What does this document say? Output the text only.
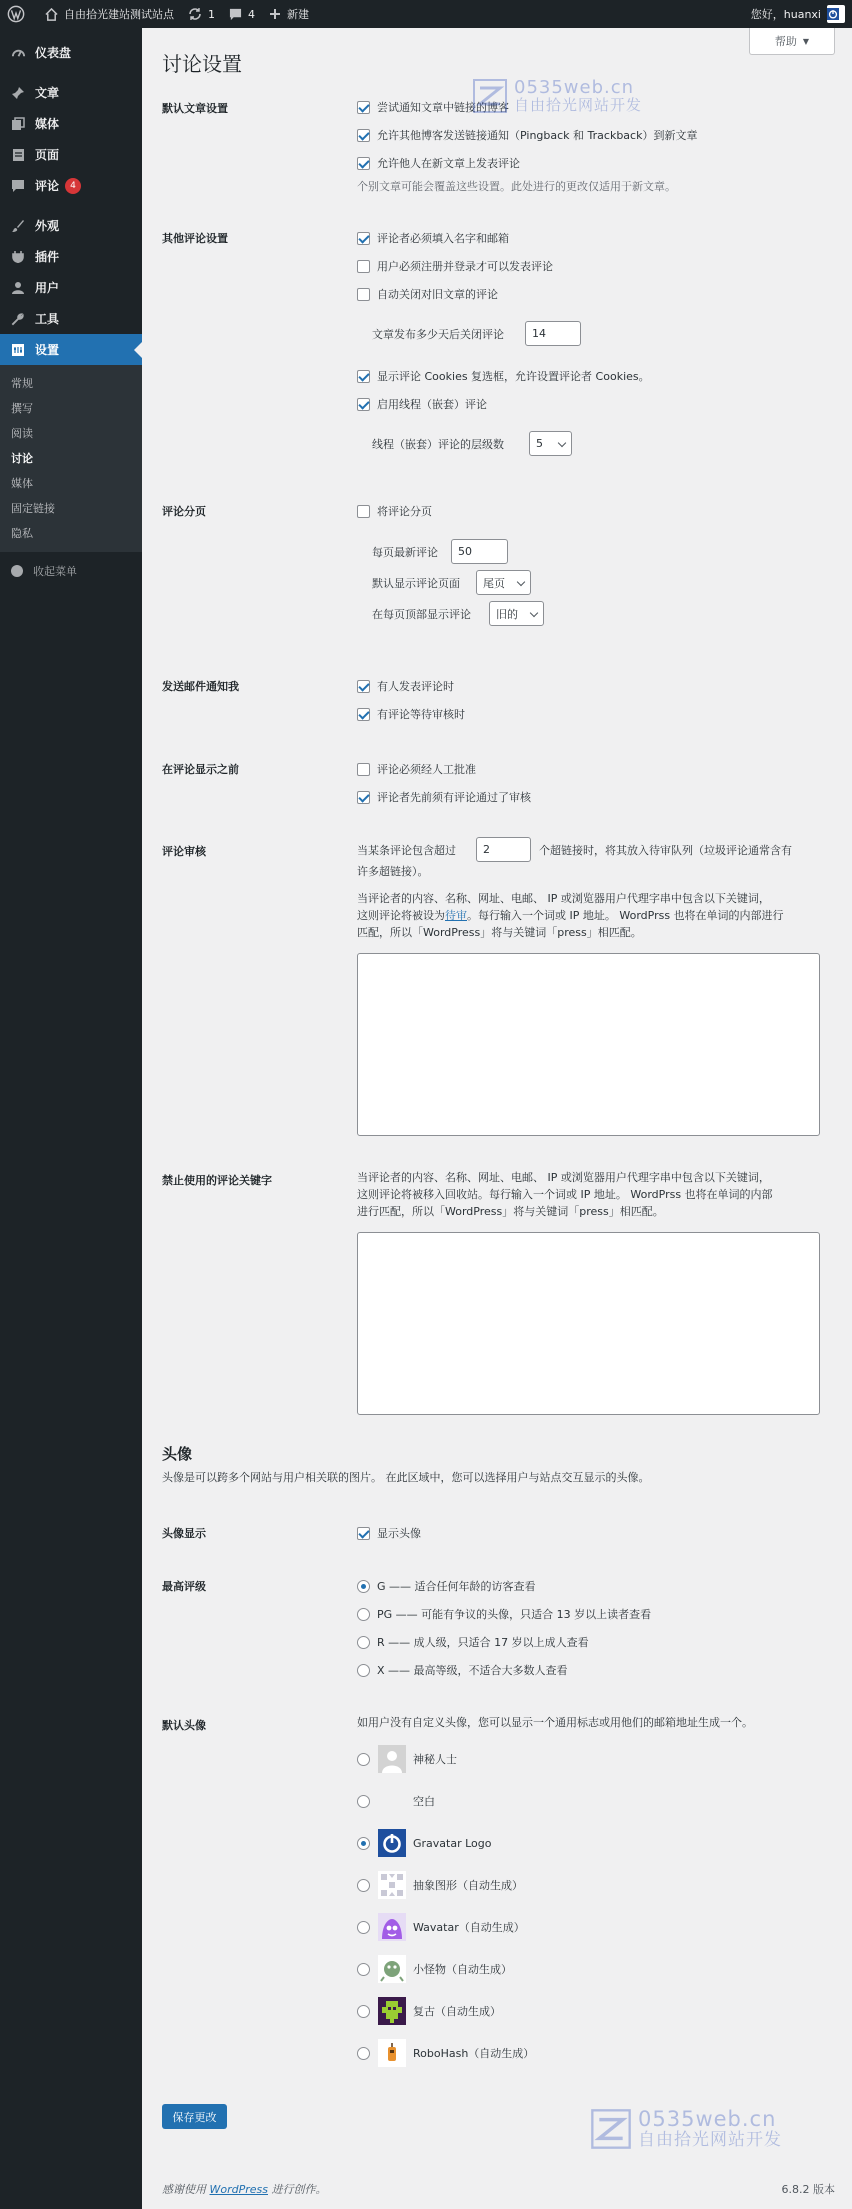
自由拾光建站测试站点	1	4	新建	您好，huanxi
仪表盘
文章
媒体
页面
评论	4
外观
插件
用户
工具
设置
常规
撰写
阅读
讨论
媒体
固定链接
隐私
收起菜单
帮助 ▼
讨论设置
默认文章设置	尝试通知文章中链接的博客
允许其他博客发送链接通知（Pingback 和 Trackback）到新文章
允许他人在新文章上发表评论
个别文章可能会覆盖这些设置。此处进行的更改仅适用于新文章。
其他评论设置	评论者必须填入名字和邮箱
用户必须注册并登录才可以发表评论
自动关闭对旧文章的评论
文章发布多少天后关闭评论	14
显示评论 Cookies 复选框，允许设置评论者 Cookies。
启用线程（嵌套）评论
线程（嵌套）评论的层级数	5
评论分页	将评论分页
每页最新评论	50
默认显示评论页面	尾页
在每页顶部显示评论	旧的
发送邮件通知我	有人发表评论时
有评论等待审核时
在评论显示之前	评论必须经人工批准
评论者先前须有评论通过了审核
评论审核	当某条评论包含超过	2	个超链接时，将其放入待审队列（垃圾评论通常含有
许多超链接）。
当评论者的内容、名称、网址、电邮、 IP 或浏览器用户代理字串中包含以下关键词，
这则评论将被设为待审。每行输入一个词或 IP 地址。 WordPrss 也将在单词的内部进行
匹配，所以「WordPress」将与关键词「press」相匹配。
禁止使用的评论关键字	当评论者的内容、名称、网址、电邮、 IP 或浏览器用户代理字串中包含以下关键词，
这则评论将被移入回收站。每行输入一个词或 IP 地址。 WordPrss 也将在单词的内部
进行匹配，所以「WordPress」将与关键词「press」相匹配。
头像
头像是可以跨多个网站与用户相关联的图片。 在此区域中，您可以选择用户与站点交互显示的头像。
头像显示	显示头像
最高评级	G —— 适合任何年龄的访客查看
PG —— 可能有争议的头像，只适合 13 岁以上读者查看
R —— 成人级，只适合 17 岁以上成人查看
X —— 最高等级，不适合大多数人查看
默认头像	如用户没有自定义头像，您可以显示一个通用标志或用他们的邮箱地址生成一个。
神秘人士
空白
Gravatar Logo
抽象图形（自动生成）
Wavatar（自动生成）
小怪物（自动生成）
复古（自动生成）
RoboHash（自动生成）
保存更改
感谢使用 WordPress 进行创作。	6.8.2 版本
0535web.cn
自由拾光网站开发
0535web.cn
自由拾光网站开发
